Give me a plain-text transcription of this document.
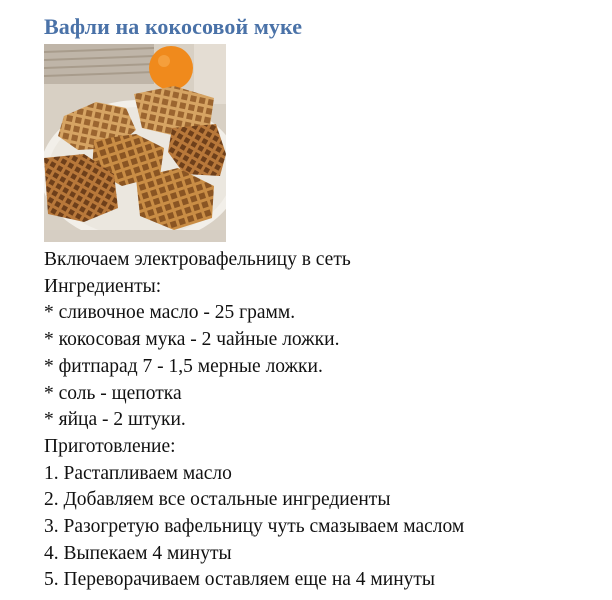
Вафли на кокосовой муке
Включаем электровафельницу в сеть
Ингредиенты:
* сливочное масло - 25 грамм.
* кокосовая мука - 2 чайные ложки.
* фитпарад 7 - 1,5 мерные ложки.
* соль - щепотка
* яйца - 2 штуки.
Приготовление:
1. Растапливаем масло
2. Добавляем все остальные ингредиенты
3. Разогретую вафельницу чуть смазываем маслом
4. Выпекаем 4 минуты
5. Переворачиваем оставляем еще на 4 минуты
